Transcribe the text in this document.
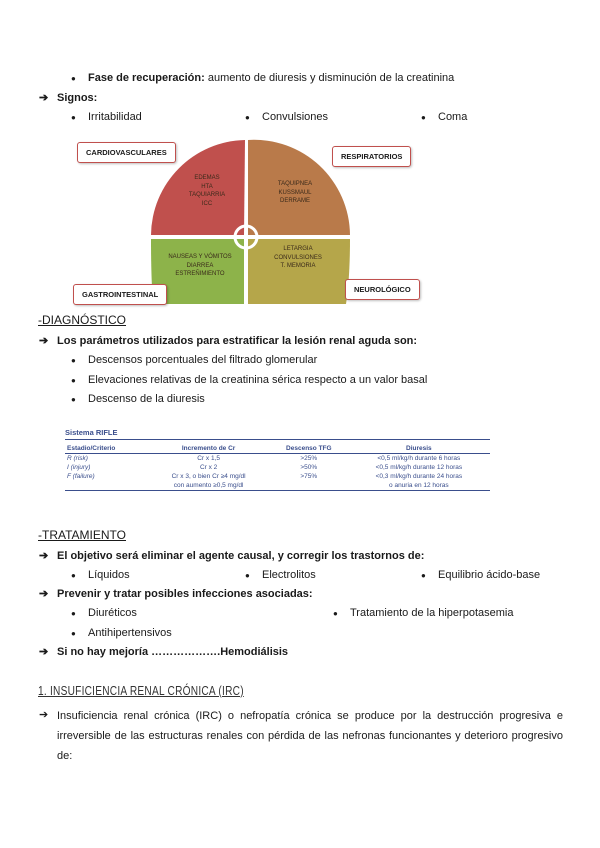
● Fase de recuperación: aumento de diuresis y disminución de la creatinina
➔ Signos:
● Irritabilidad	● Convulsiones	● Coma
EDEMAS
HTA
TAQUIARRIA
ICC
TAQUIPNEA
KUSSMAUL
DERRAME
NAUSEAS Y VÓMITOS
DIARREA
ESTREÑIMIENTO
LETARGIA
CONVULSIONES
T. MEMORIA
CARDIOVASCULARES	RESPIRATORIOS
GASTROINTESTINAL
NEUROLÓGICO
-DIAGNÓSTICO
➔ Los parámetros utilizados para estratificar la lesión renal aguda son:
● Descensos porcentuales del filtrado glomerular
● Elevaciones relativas de la creatinina sérica respecto a un valor basal
● Descenso de la diuresis
Sistema RIFLE
Estadio/Criterio	Incremento de Cr	Descenso TFG	Diuresis
R (risk)	Cr x 1,5	>25%	<0,5 ml/kg/h durante 6 horas
I (injury)	Cr x 2	>50%	<0,5 ml/kg/h durante 12 horas
F (failure)	Cr x 3, o bien Cr ≥4 mg/dl	>75%	<0,3 ml/kg/h durante 24 horas
	con aumento ≥0,5 mg/dl		o anuria en 12 horas
-TRATAMIENTO
➔ El objetivo será eliminar el agente causal, y corregir los trastornos de:
● Líquidos	● Electrolitos	● Equilibrio ácido-base
➔ Prevenir y tratar posibles infecciones asociadas:
● Diuréticos	● Tratamiento de la hiperpotasemia
● Antihipertensivos
➔ Si no hay mejoría ……………….Hemodiálisis
1. INSUFICIENCIA RENAL CRÓNICA (IRC)
➔ Insuficiencia renal crónica (IRC) o nefropatía crónica se produce por la destrucción progresiva e irreversible de las estructuras renales con pérdida de las nefronas funcionantes y deterioro progresivo de:
